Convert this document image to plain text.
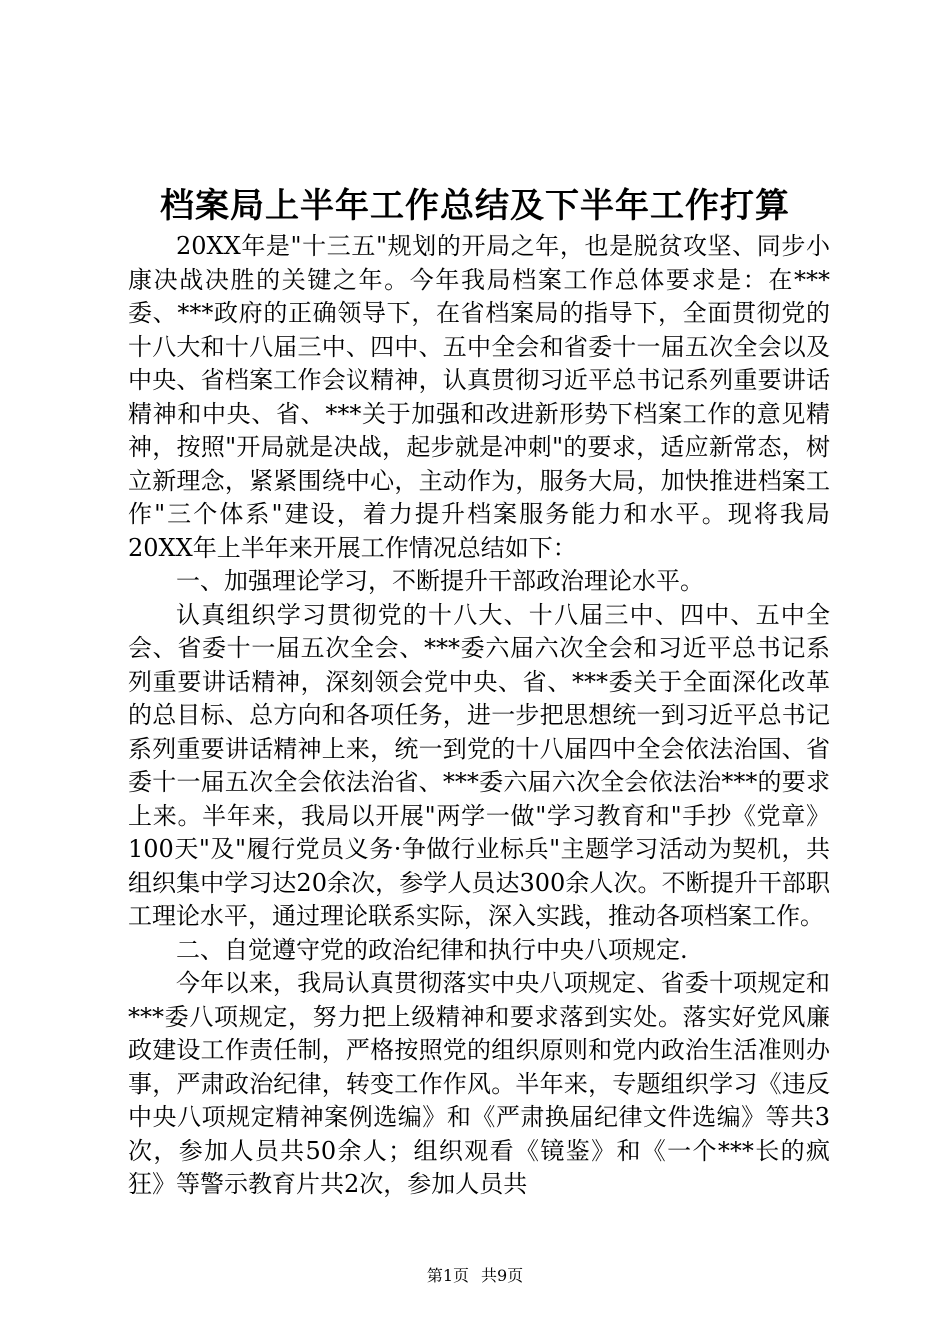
档案局上半年工作总结及下半年工作打算

20XX年是"十三五"规划的开局之年，也是脱贫攻坚、同步小康决战决胜的关键之年。今年我局档案工作总体要求是：在***委、***政府的正确领导下，在省档案局的指导下，全面贯彻党的十八大和十八届三中、四中、五中全会和省委十一届五次全会以及中央、省档案工作会议精神，认真贯彻习近平总书记系列重要讲话精神和中央、省、***关于加强和改进新形势下档案工作的意见精神，按照"开局就是决战，起步就是冲刺"的要求，适应新常态，树立新理念，紧紧围绕中心，主动作为，服务大局，加快推进档案工作"三个体系"建设，着力提升档案服务能力和水平。现将我局20XX年上半年来开展工作情况总结如下：

一、加强理论学习，不断提升干部政治理论水平。

认真组织学习贯彻党的十八大、十八届三中、四中、五中全会、省委十一届五次全会、***委六届六次全会和习近平总书记系列重要讲话精神，深刻领会党中央、省、***委关于全面深化改革的总目标、总方向和各项任务，进一步把思想统一到习近平总书记系列重要讲话精神上来，统一到党的十八届四中全会依法治国、省委十一届五次全会依法治省、***委六届六次全会依法治***的要求上来。半年来，我局以开展"两学一做"学习教育和"手抄《党章》100天"及"履行党员义务·争做行业标兵"主题学习活动为契机，共组织集中学习达20余次，参学人员达300余人次。不断提升干部职工理论水平，通过理论联系实际，深入实践，推动各项档案工作。

二、自觉遵守党的政治纪律和执行中央八项规定.

今年以来，我局认真贯彻落实中央八项规定、省委十项规定和***委八项规定，努力把上级精神和要求落到实处。落实好党风廉政建设工作责任制，严格按照党的组织原则和党内政治生活准则办事，严肃政治纪律，转变工作作风。半年来，专题组织学习《违反中央八项规定精神案例选编》和《严肃换届纪律文件选编》等共3次，参加人员共50余人；组织观看《镜鉴》和《一个***长的疯狂》等警示教育片共2次，参加人员共

第1页 共9页
